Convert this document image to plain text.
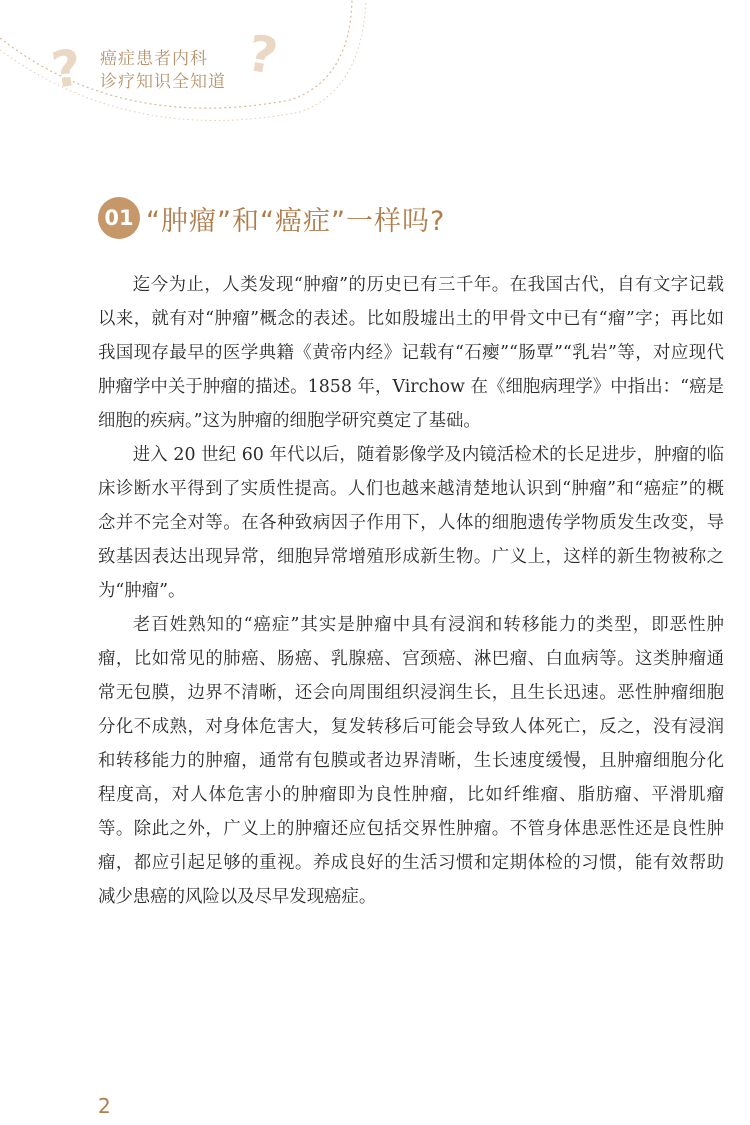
?	?
癌症患者内科
诊疗知识全知道
01 “肿瘤”和“癌症”一样吗?

迄今为止，人类发现“肿瘤”的历史已有三千年。在我国古代，自有文字记载以来，就有对“肿瘤”概念的表述。比如殷墟出土的甲骨文中已有“瘤”字；再比如我国现存最早的医学典籍《黄帝内经》记载有“石瘿”“肠覃”“乳岩”等，对应现代肿瘤学中关于肿瘤的描述。1858 年，Virchow 在《细胞病理学》中指出：“癌是细胞的疾病。”这为肿瘤的细胞学研究奠定了基础。

进入 20 世纪 60 年代以后，随着影像学及内镜活检术的长足进步，肿瘤的临床诊断水平得到了实质性提高。人们也越来越清楚地认识到“肿瘤”和“癌症”的概念并不完全对等。在各种致病因子作用下，人体的细胞遗传学物质发生改变，导致基因表达出现异常，细胞异常增殖形成新生物。广义上，这样的新生物被称之为“肿瘤”。

老百姓熟知的“癌症”其实是肿瘤中具有浸润和转移能力的类型，即恶性肿瘤，比如常见的肺癌、肠癌、乳腺癌、宫颈癌、淋巴瘤、白血病等。这类肿瘤通常无包膜，边界不清晰，还会向周围组织浸润生长，且生长迅速。恶性肿瘤细胞分化不成熟，对身体危害大，复发转移后可能会导致人体死亡，反之，没有浸润和转移能力的肿瘤，通常有包膜或者边界清晰，生长速度缓慢，且肿瘤细胞分化程度高，对人体危害小的肿瘤即为良性肿瘤，比如纤维瘤、脂肪瘤、平滑肌瘤等。除此之外，广义上的肿瘤还应包括交界性肿瘤。不管身体患恶性还是良性肿瘤，都应引起足够的重视。养成良好的生活习惯和定期体检的习惯，能有效帮助减少患癌的风险以及尽早发现癌症。

2
